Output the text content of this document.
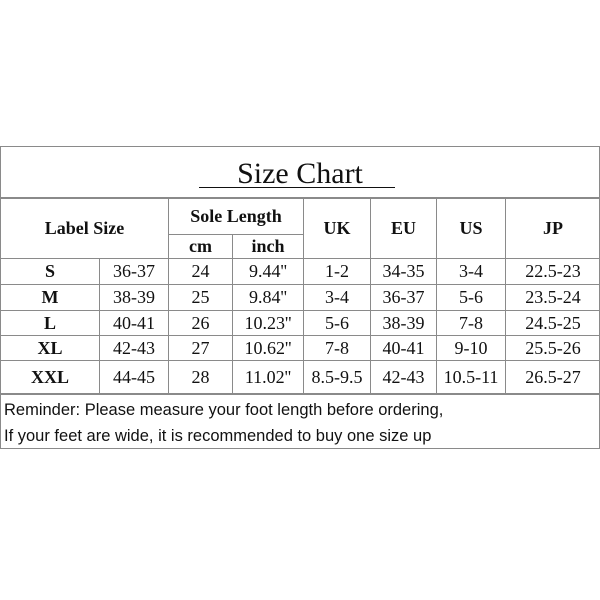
Size Chart
Label Size		Sole Length		UK	EU	US	JP
		cm	inch				
S	36-37	24	9.44''	1-2	34-35	3-4	22.5-23
M	38-39	25	9.84''	3-4	36-37	5-6	23.5-24
L	40-41	26	10.23''	5-6	38-39	7-8	24.5-25
XL	42-43	27	10.62''	7-8	40-41	9-10	25.5-26
XXL	44-45	28	11.02''	8.5-9.5	42-43	10.5-11	26.5-27
Reminder: Please measure your foot length before ordering,
If your feet are wide, it is recommended to buy one size up
